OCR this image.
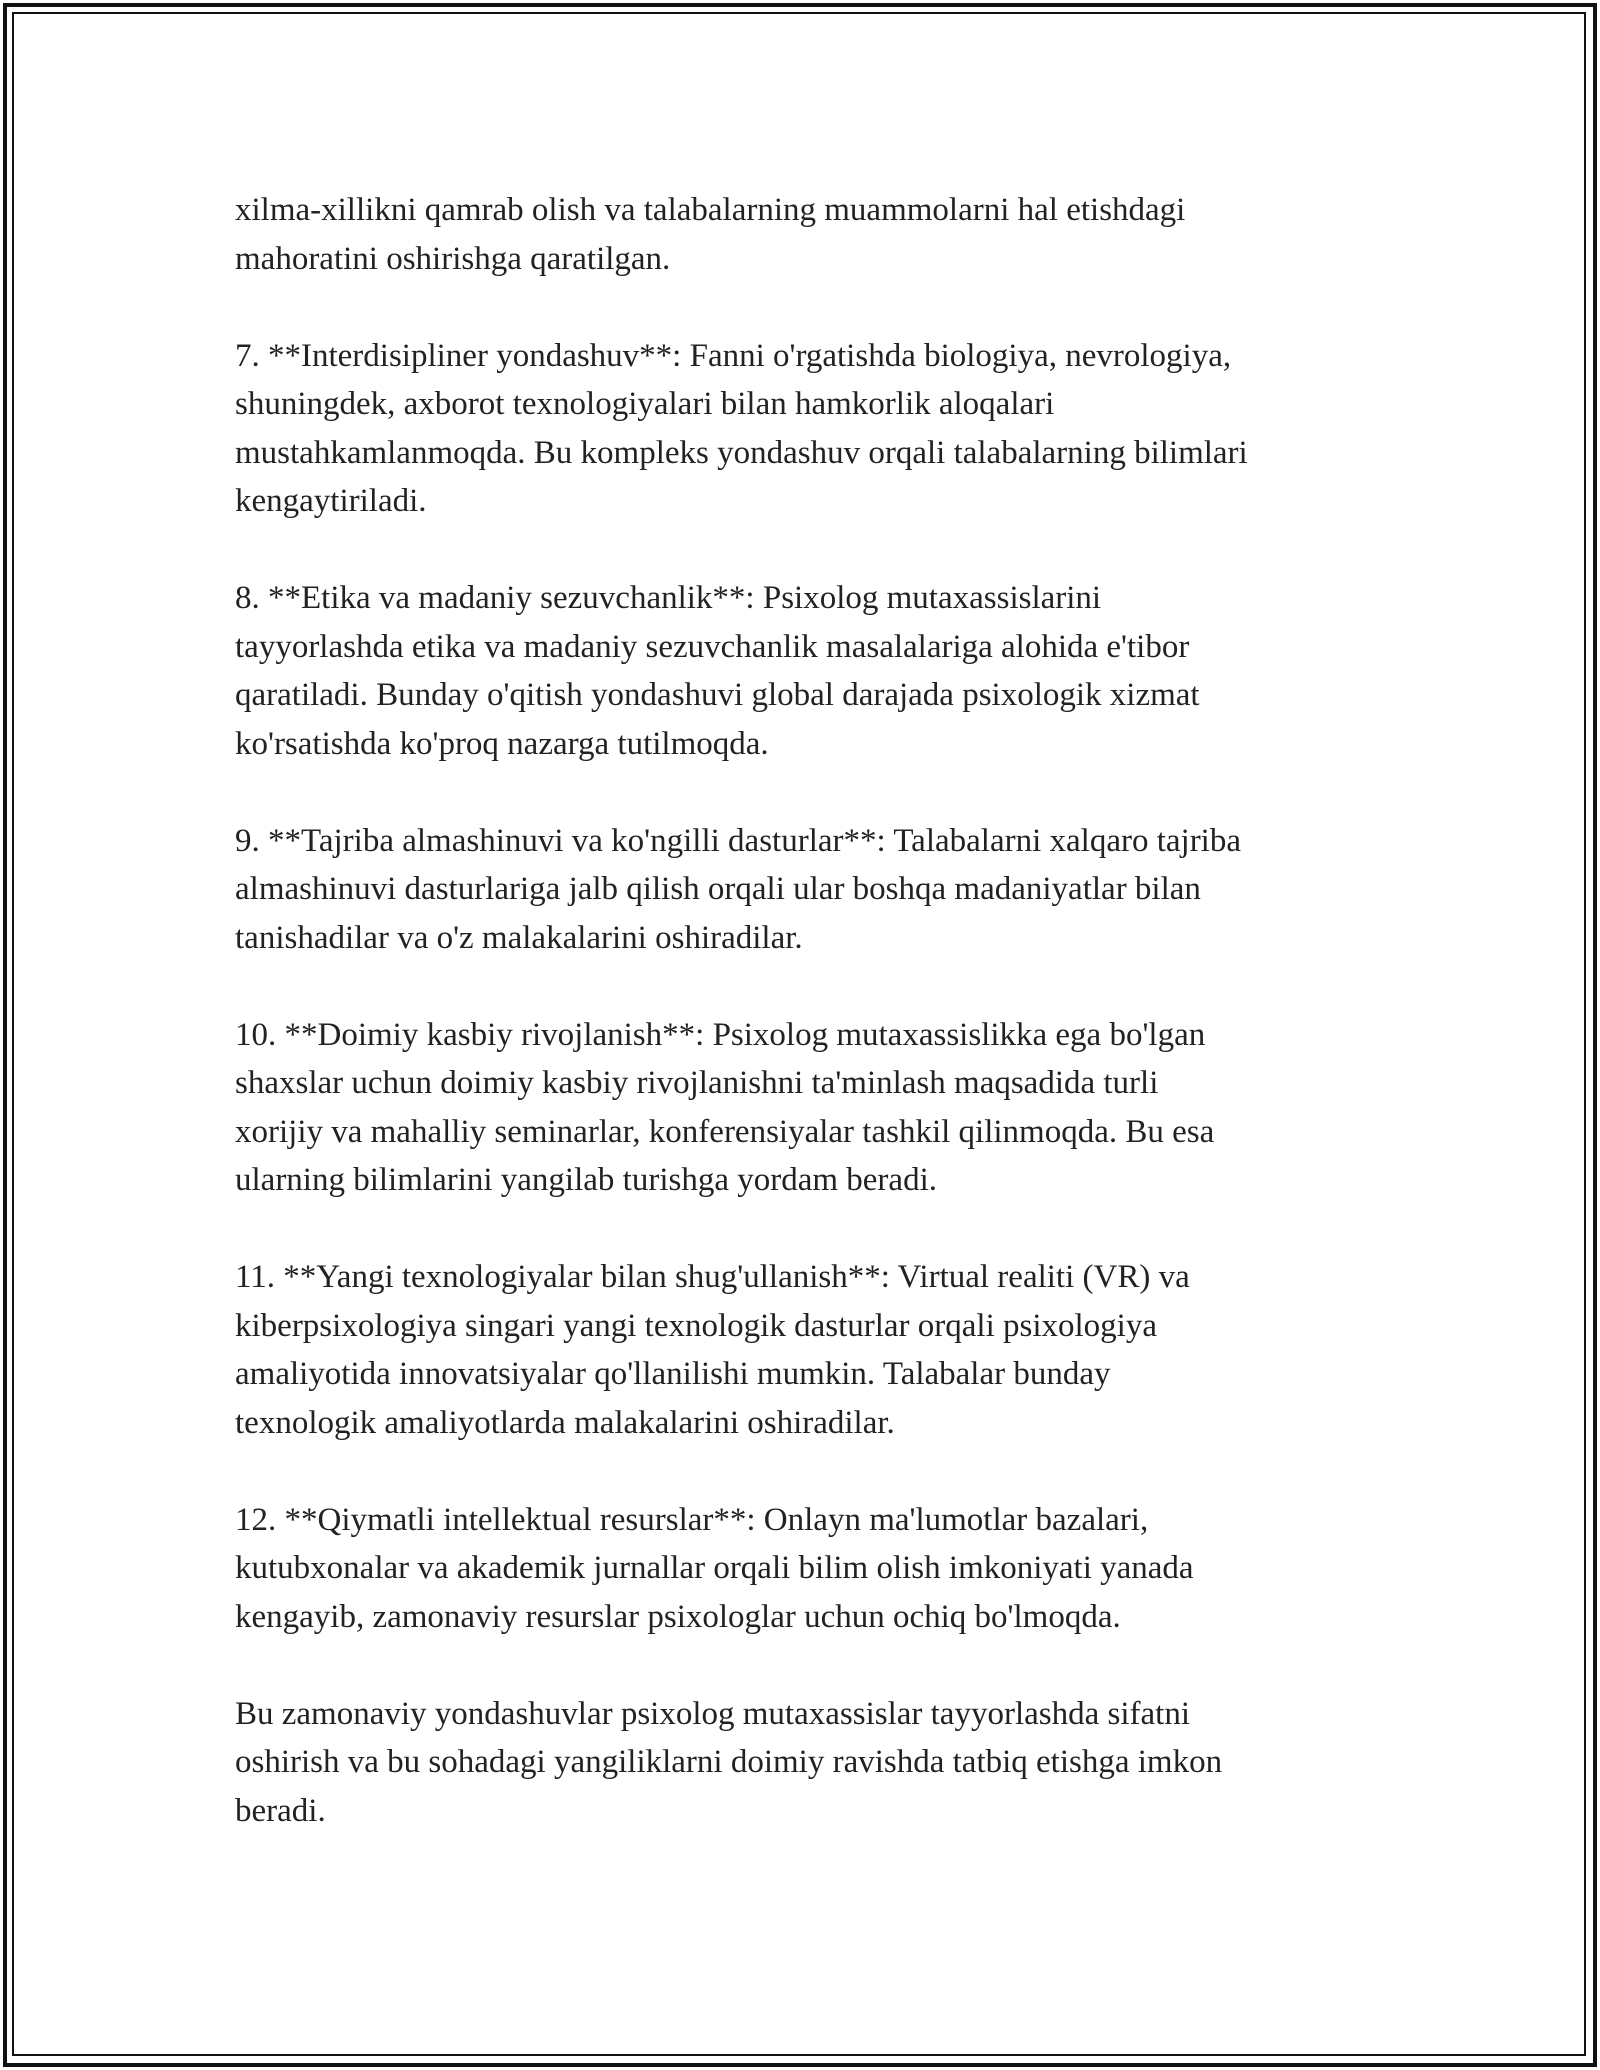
xilma-xillikni qamrab olish va talabalarning muammolarni hal etishdagi
mahoratini oshirishga qaratilgan.

7. **Interdisipliner yondashuv**: Fanni o'rgatishda biologiya, nevrologiya,
shuningdek, axborot texnologiyalari bilan hamkorlik aloqalari
mustahkamlanmoqda. Bu kompleks yondashuv orqali talabalarning bilimlari
kengaytiriladi.

8. **Etika va madaniy sezuvchanlik**: Psixolog mutaxassislarini
tayyorlashda etika va madaniy sezuvchanlik masalalariga alohida e'tibor
qaratiladi. Bunday o'qitish yondashuvi global darajada psixologik xizmat
ko'rsatishda ko'proq nazarga tutilmoqda.

9. **Tajriba almashinuvi va ko'ngilli dasturlar**: Talabalarni xalqaro tajriba
almashinuvi dasturlariga jalb qilish orqali ular boshqa madaniyatlar bilan
tanishadilar va o'z malakalarini oshiradilar.

10. **Doimiy kasbiy rivojlanish**: Psixolog mutaxassislikka ega bo'lgan
shaxslar uchun doimiy kasbiy rivojlanishni ta'minlash maqsadida turli
xorijiy va mahalliy seminarlar, konferensiyalar tashkil qilinmoqda. Bu esa
ularning bilimlarini yangilab turishga yordam beradi.

11. **Yangi texnologiyalar bilan shug'ullanish**: Virtual realiti (VR) va
kiberpsixologiya singari yangi texnologik dasturlar orqali psixologiya
amaliyotida innovatsiyalar qo'llanilishi mumkin. Talabalar bunday
texnologik amaliyotlarda malakalarini oshiradilar.

12. **Qiymatli intellektual resurslar**: Onlayn ma'lumotlar bazalari,
kutubxonalar va akademik jurnallar orqali bilim olish imkoniyati yanada
kengayib, zamonaviy resurslar psixologlar uchun ochiq bo'lmoqda.

Bu zamonaviy yondashuvlar psixolog mutaxassislar tayyorlashda sifatni
oshirish va bu sohadagi yangiliklarni doimiy ravishda tatbiq etishga imkon
beradi.
